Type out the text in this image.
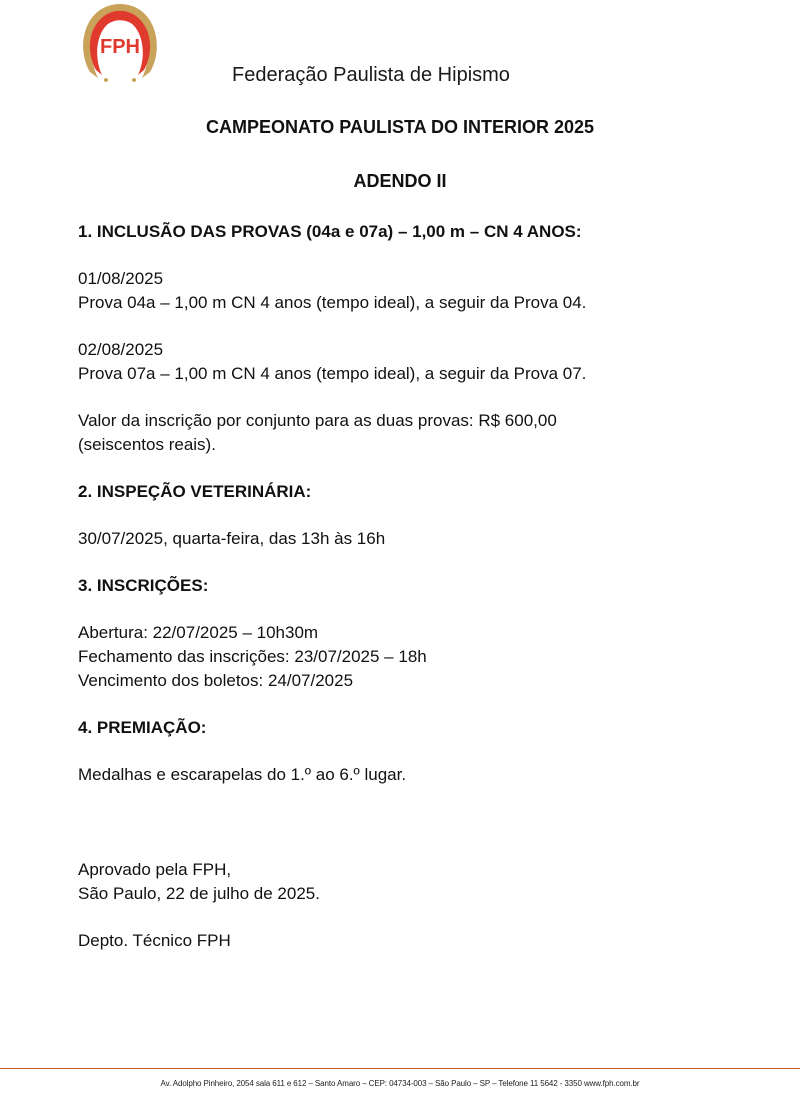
FPH
Federação Paulista de Hipismo
CAMPEONATO PAULISTA DO INTERIOR 2025
ADENDO II

1. INCLUSÃO DAS PROVAS (04a e 07a) – 1,00 m – CN 4 ANOS:

01/08/2025

Prova 04a – 1,00 m CN 4 anos (tempo ideal), a seguir da Prova 04.

02/08/2025

Prova 07a – 1,00 m CN 4 anos (tempo ideal), a seguir da Prova 07.

Valor da inscrição por conjunto para as duas provas: R$ 600,00

(seiscentos reais).

2. INSPEÇÃO VETERINÁRIA:

30/07/2025, quarta-feira, das 13h às 16h

3. INSCRIÇÕES:

Abertura: 22/07/2025 – 10h30m

Fechamento das inscrições: 23/07/2025 – 18h

Vencimento dos boletos: 24/07/2025

4. PREMIAÇÃO:

Medalhas e escarapelas do 1.º ao 6.º lugar.

Aprovado pela FPH,

São Paulo, 22 de julho de 2025.

Depto. Técnico FPH

Av. Adolpho Pinheiro, 2054 sala 611 e 612 – Santo Amaro – CEP: 04734-003 – São Paulo – SP – Telefone 11 5642 - 3350 www.fph.com.br
